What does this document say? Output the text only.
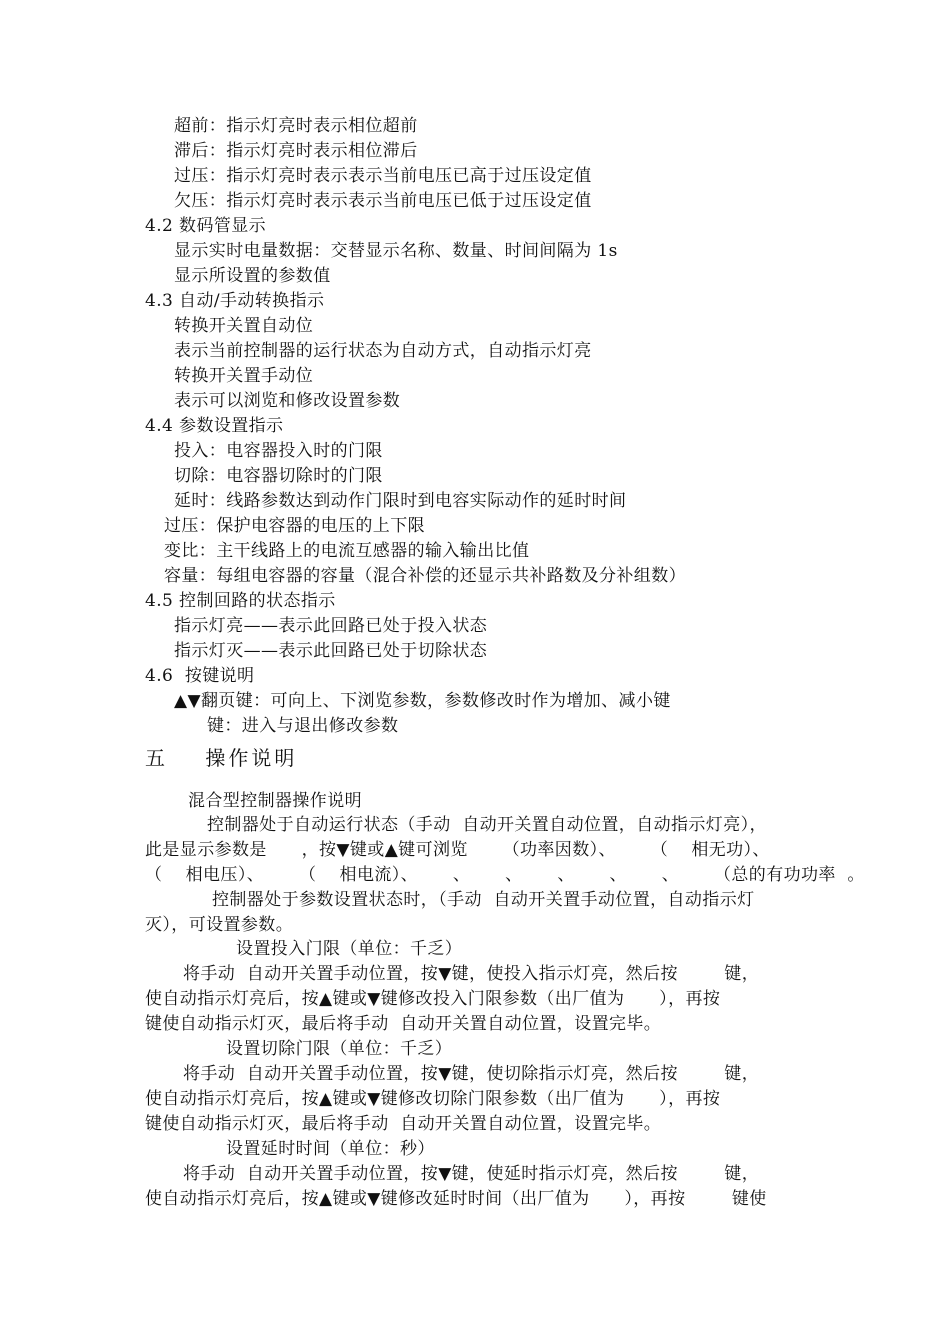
超前：指示灯亮时表示相位超前
滞后：指示灯亮时表示相位滞后
过压：指示灯亮时表示表示当前电压已高于过压设定值
欠压：指示灯亮时表示表示当前电压已低于过压设定值
4.2 数码管显示
显示实时电量数据：交替显示名称、数量、时间间隔为 1s
显示所设置的参数值
4.3 自动/手动转换指示
转换开关置自动位
表示当前控制器的运行状态为自动方式，自动指示灯亮
转换开关置手动位
表示可以浏览和修改设置参数
4.4 参数设置指示
投入：电容器投入时的门限
切除：电容器切除时的门限
延时：线路参数达到动作门限时到电容实际动作的延时时间
过压：保护电容器的电压的上下限
变比：主干线路上的电流互感器的输入输出比值
容量：每组电容器的容量（混合补偿的还显示共补路数及分补组数）
4.5 控制回路的状态指示
指示灯亮——表示此回路已处于投入状态
指示灯灭——表示此回路已处于切除状态
4.6  按键说明
▲▼翻页键：可向上、下浏览参数，参数修改时作为增加、减小键
键：进入与退出修改参数
五    操作说明
混合型控制器操作说明
控制器处于自动运行状态（手动  自动开关置自动位置，自动指示灯亮），
此是显示参数是      ，按▼键或▲键可浏览      （功率因数）、      （    相无功）、
（    相电压）、      （    相电流）、      、      、      、      、      、      （总的有功功率  。
控制器处于参数设置状态时，（手动  自动开关置手动位置，自动指示灯
灭），可设置参数。
设置投入门限（单位：千乏）
将手动  自动开关置手动位置，按▼键，使投入指示灯亮，然后按        键，
使自动指示灯亮后，按▲键或▼键修改投入门限参数（出厂值为      ），再按
键使自动指示灯灭，最后将手动  自动开关置自动位置，设置完毕。
设置切除门限（单位：千乏）
将手动  自动开关置手动位置，按▼键，使切除指示灯亮，然后按        键，
使自动指示灯亮后，按▲键或▼键修改切除门限参数（出厂值为      ），再按
键使自动指示灯灭，最后将手动  自动开关置自动位置，设置完毕。
设置延时时间（单位：秒）
将手动  自动开关置手动位置，按▼键，使延时指示灯亮，然后按        键，
使自动指示灯亮后，按▲键或▼键修改延时时间（出厂值为      ），再按        键使
